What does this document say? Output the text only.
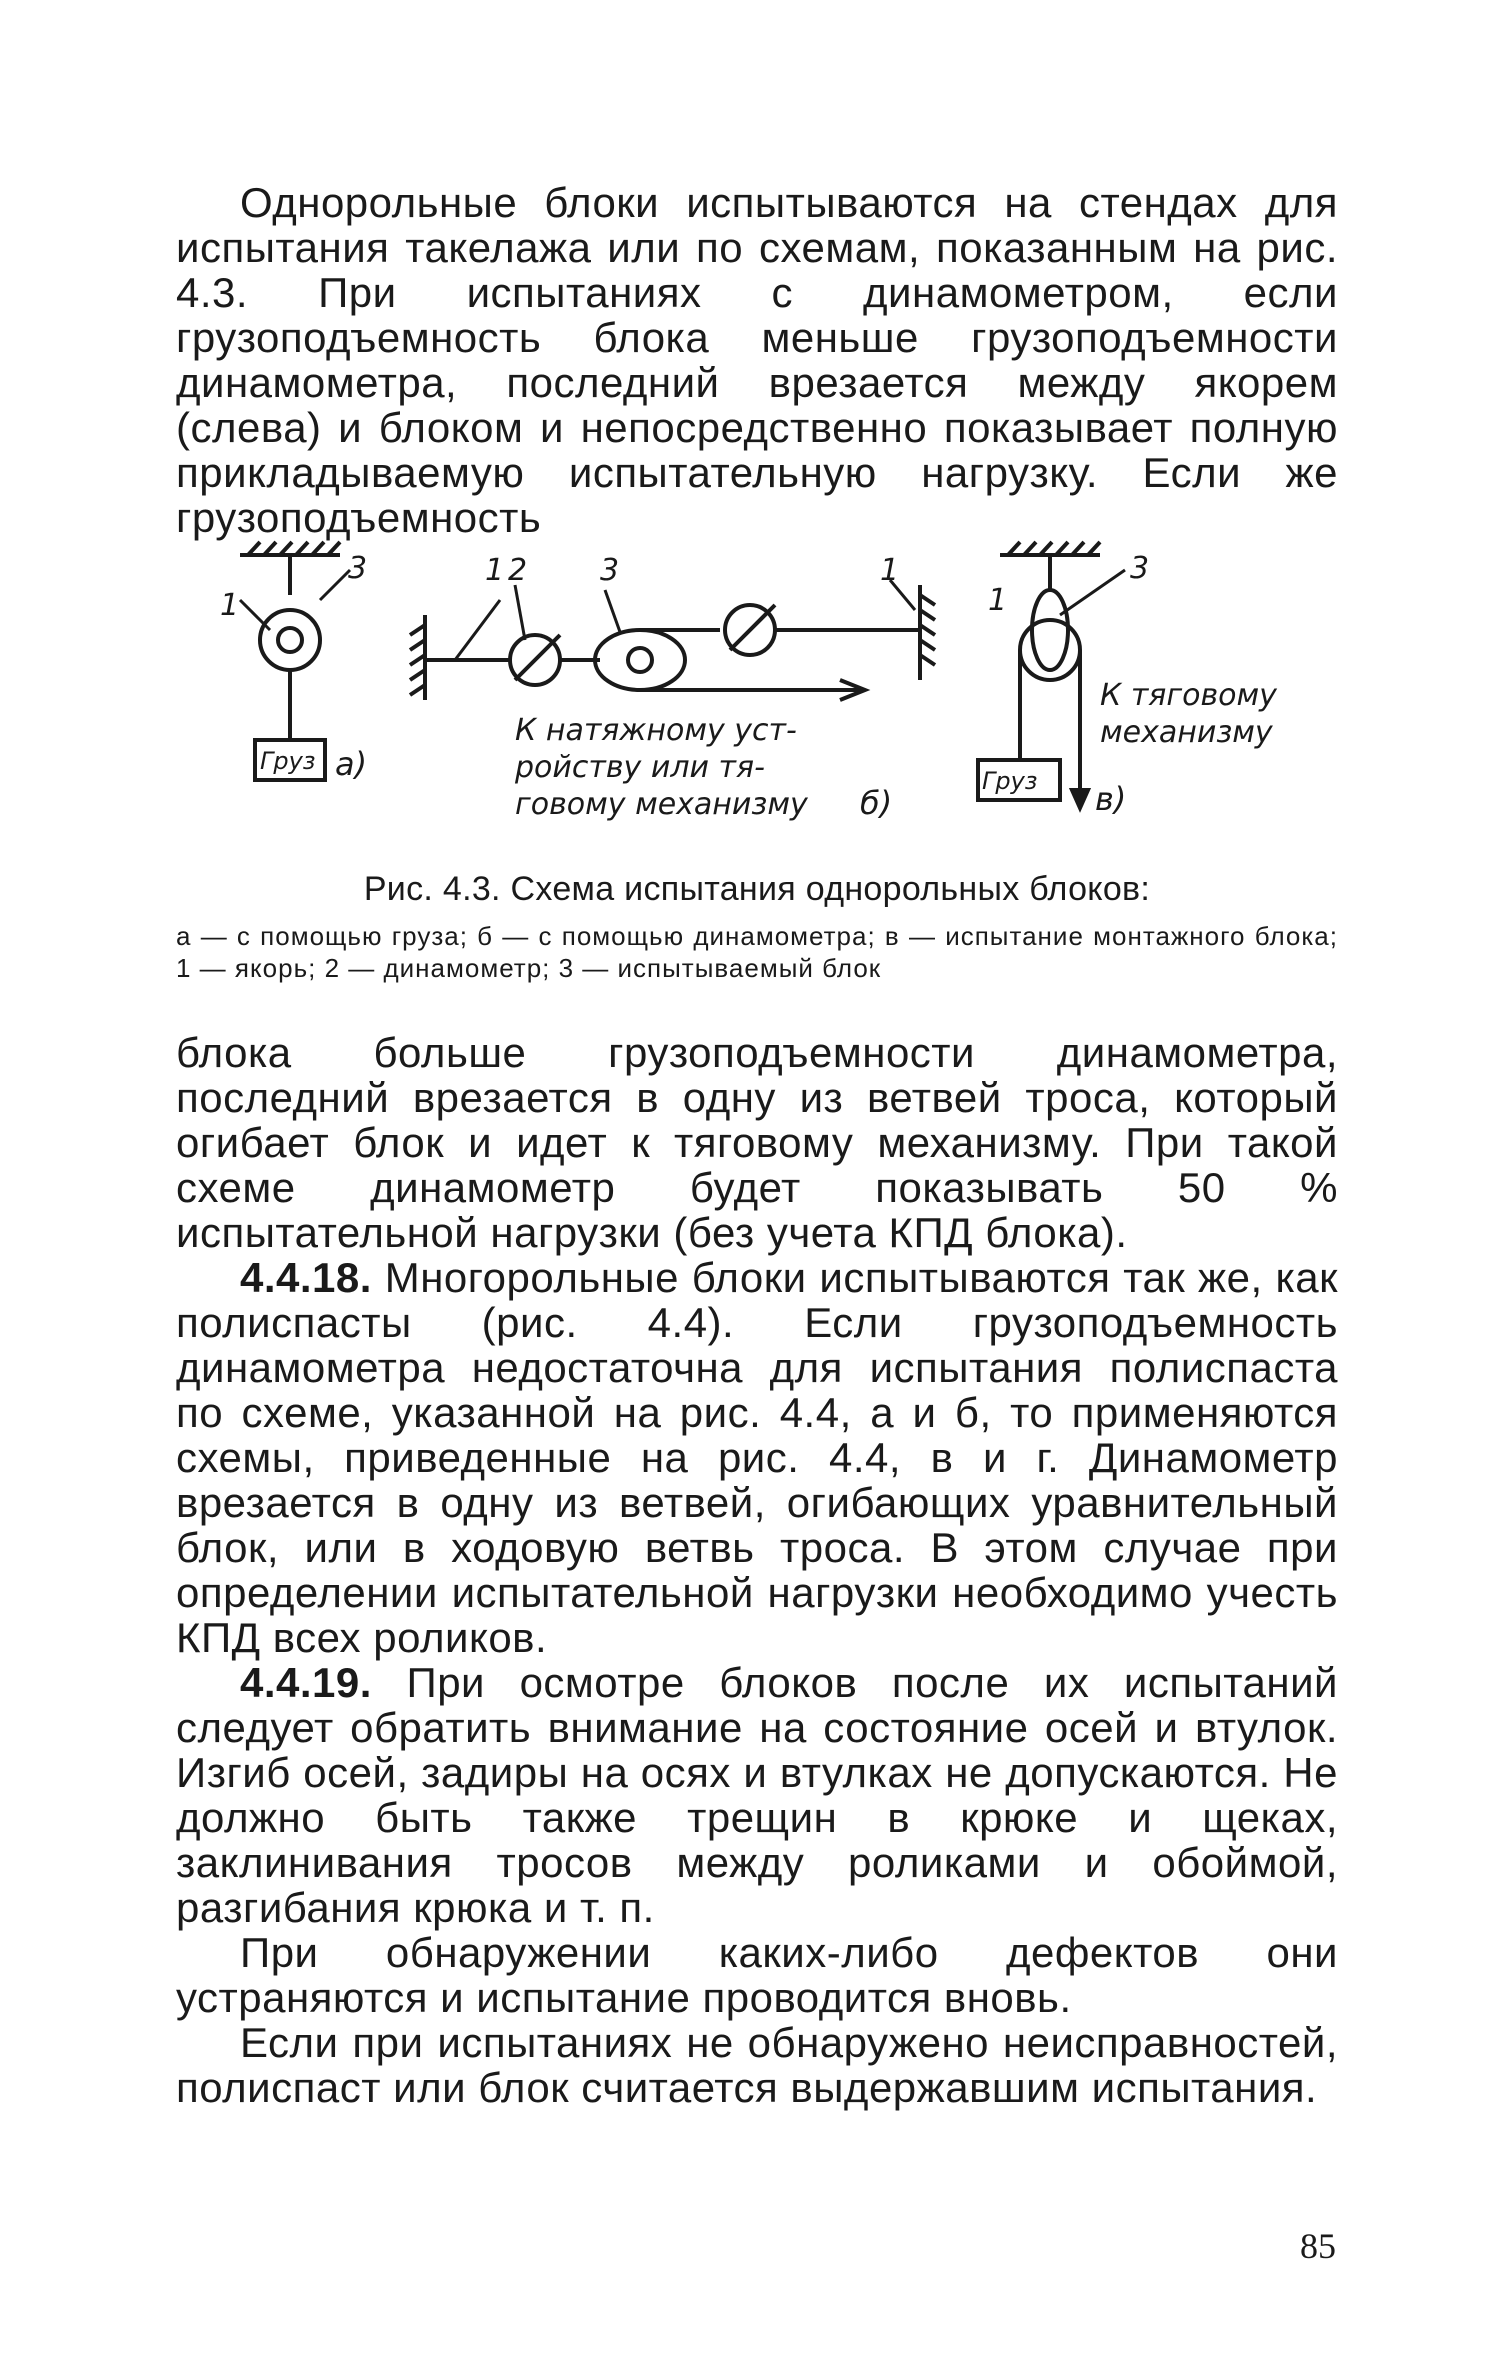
Однорольные блоки испытываются на стендах для испытания такелажа или по схемам, показанным на рис. 4.3. При испытаниях с динамометром, если грузоподъемность блока меньше грузоподъемности динамометра, последний врезается между якорем (слева) и блоком и непосредственно показывает полную прикладываемую испытательную нагрузку. Если же грузоподъемность

1
3
Груз а)
1 2 3	1
К натяжному уст-
ройству или тя-
говому механизму б)
1
3
Груз
К тяговому
механизму
в)
Рис. 4.3. Схема испытания однорольных блоков:
а — с помощью груза; б — с помощью динамометра; в — испытание монтажного блока; 1 — якорь; 2 — динамометр; 3 — испытываемый блок

блока больше грузоподъемности динамометра, последний врезается в одну из ветвей троса, который огибает блок и идет к тяговому механизму. При такой схеме динамометр будет показывать 50 % испытательной нагрузки (без учета КПД блока).

4.4.18. Многорольные блоки испытываются так же, как полиспасты (рис. 4.4). Если грузоподъемность динамометра недостаточна для испытания полиспаста по схеме, указанной на рис. 4.4, а и б, то применяются схемы, приведенные на рис. 4.4, в и г. Динамометр врезается в одну из ветвей, огибающих уравнительный блок, или в ходовую ветвь троса. В этом случае при определении испытательной нагрузки необходимо учесть КПД всех роликов.

4.4.19. При осмотре блоков после их испытаний следует обратить внимание на состояние осей и втулок. Изгиб осей, задиры на осях и втулках не допускаются. Не должно быть также трещин в крюке и щеках, заклинивания тросов между роликами и обоймой, разгибания крюка и т. п.

При обнаружении каких-либо дефектов они устраняются и испытание проводится вновь.

Если при испытаниях не обнаружено неисправностей, полиспаст или блок считается выдержавшим испытания.

85
